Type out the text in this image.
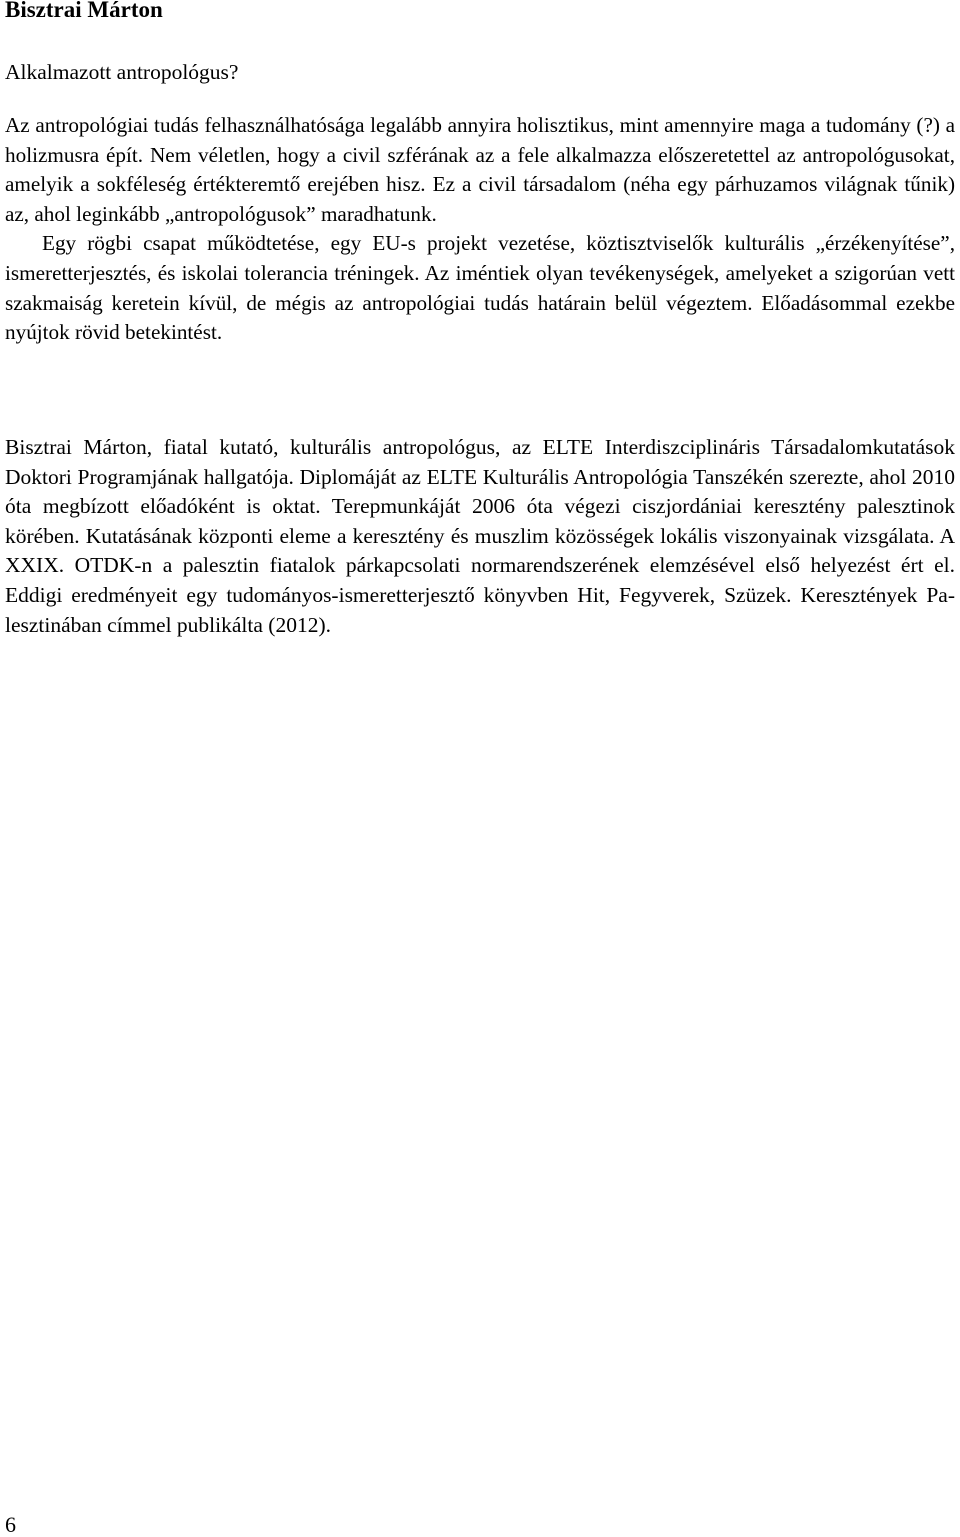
Bisztrai Márton

Alkalmazott antropológus?

Az antropológiai tudás felhasználhatósága legalább annyira holisztikus, mint amennyire maga a tudomány (?) a holizmusra épít. Nem véletlen, hogy a civil szférának az a fele alkalmazza előszeretettel az antropológusokat, amelyik a sokféleség értékteremtő erejében hisz. Ez a civil társadalom (néha egy párhuzamos világnak tűnik) az, ahol leginkább „antropológusok” maradhatunk.

Egy rögbi csapat működtetése, egy EU-s projekt vezetése, köztisztviselők kulturális „érzékenyítése”, ismeretterjesztés, és iskolai tolerancia tréningek. Az iméntiek olyan tevékenységek, amelyeket a szigorúan vett szakmaiság keretein kívül, de mégis az antropológiai tudás határain belül végeztem. Előadásommal ezekbe nyújtok rövid betekintést.

Bisztrai Márton, fiatal kutató, kulturális antropológus, az ELTE Interdiszciplináris Társadalomkutatások Doktori Programjának hallgatója. Diplomáját az ELTE Kulturális Antropológia Tanszékén szerezte, ahol 2010 óta megbízott előadóként is oktat. Terepmunkáját 2006 óta végezi ciszjordániai keresztény palesztinok körében. Kutatásának központi eleme a keresztény és muszlim közösségek lokális viszonyainak vizsgálata. A XXIX. OTDK-n a palesztin fiatalok párkapcsolati normarendszerének elemzésével első helyezést ért el. Eddigi eredményeit egy tudományos-ismeretterjesztő könyvben Hit, Fegyverek, Szüzek. Keresztények Palesztinában címmel publikálta (2012).

6
